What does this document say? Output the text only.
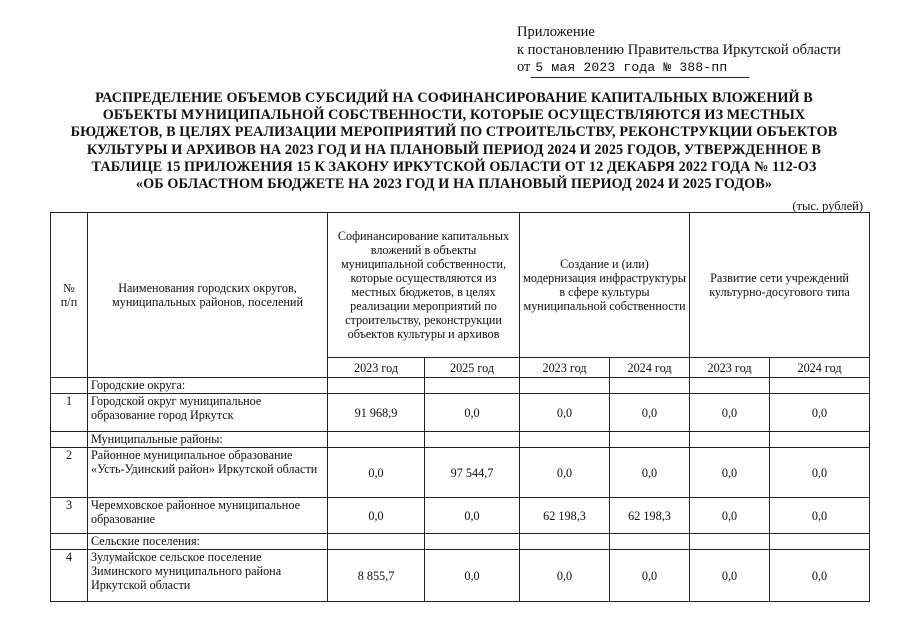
Приложение
к постановлению Правительства Иркутской области
от 5 мая 2023 года № 388-пп
РАСПРЕДЕЛЕНИЕ ОБЪЕМОВ СУБСИДИЙ НА СОФИНАНСИРОВАНИЕ КАПИТАЛЬНЫХ ВЛОЖЕНИЙ В
ОБЪЕКТЫ МУНИЦИПАЛЬНОЙ СОБСТВЕННОСТИ, КОТОРЫЕ ОСУЩЕСТВЛЯЮТСЯ ИЗ МЕСТНЫХ
БЮДЖЕТОВ, В ЦЕЛЯХ РЕАЛИЗАЦИИ МЕРОПРИЯТИЙ ПО СТРОИТЕЛЬСТВУ, РЕКОНСТРУКЦИИ ОБЪЕКТОВ
КУЛЬТУРЫ И АРХИВОВ НА 2023 ГОД И НА ПЛАНОВЫЙ ПЕРИОД 2024 И 2025 ГОДОВ, УТВЕРЖДЕННОЕ В
ТАБЛИЦЕ 15 ПРИЛОЖЕНИЯ 15 К ЗАКОНУ ИРКУТСКОЙ ОБЛАСТИ ОТ 12 ДЕКАБРЯ 2022 ГОДА № 112-ОЗ
«ОБ ОБЛАСТНОМ БЮДЖЕТЕ НА 2023 ГОД И НА ПЛАНОВЫЙ ПЕРИОД 2024 И 2025 ГОДОВ»
(тыс. рублей)
№
п/п	Наименования городских округов, муниципальных районов, поселений	Софинансирование капитальных вложений в объекты муниципальной собственности, которые осуществляются из местных бюджетов, в целях реализации мероприятий по строительству, реконструкции объектов культуры и архивов		Создание и (или) модернизация инфраструктуры в сфере культуры муниципальной собственности		Развитие сети учреждений культурно-досугового типа	
		2023 год	2025 год	2023 год	2024 год	2023 год	2024 год
	Городские округа:						
1	Городской округ муниципальное образование город Иркутск	91 968,9	0,0	0,0	0,0	0,0	0,0
	Муниципальные районы:						
2	Районное муниципальное образование «Усть-Удинский район» Иркутской области	0,0	97 544,7	0,0	0,0	0,0	0,0
3	Черемховское районное муниципальное образование	0,0	0,0	62 198,3	62 198,3	0,0	0,0
	Сельские поселения:						
4	Зулумайское сельское поселение Зиминского муниципального района Иркутской области	8 855,7	0,0	0,0	0,0	0,0	0,0
